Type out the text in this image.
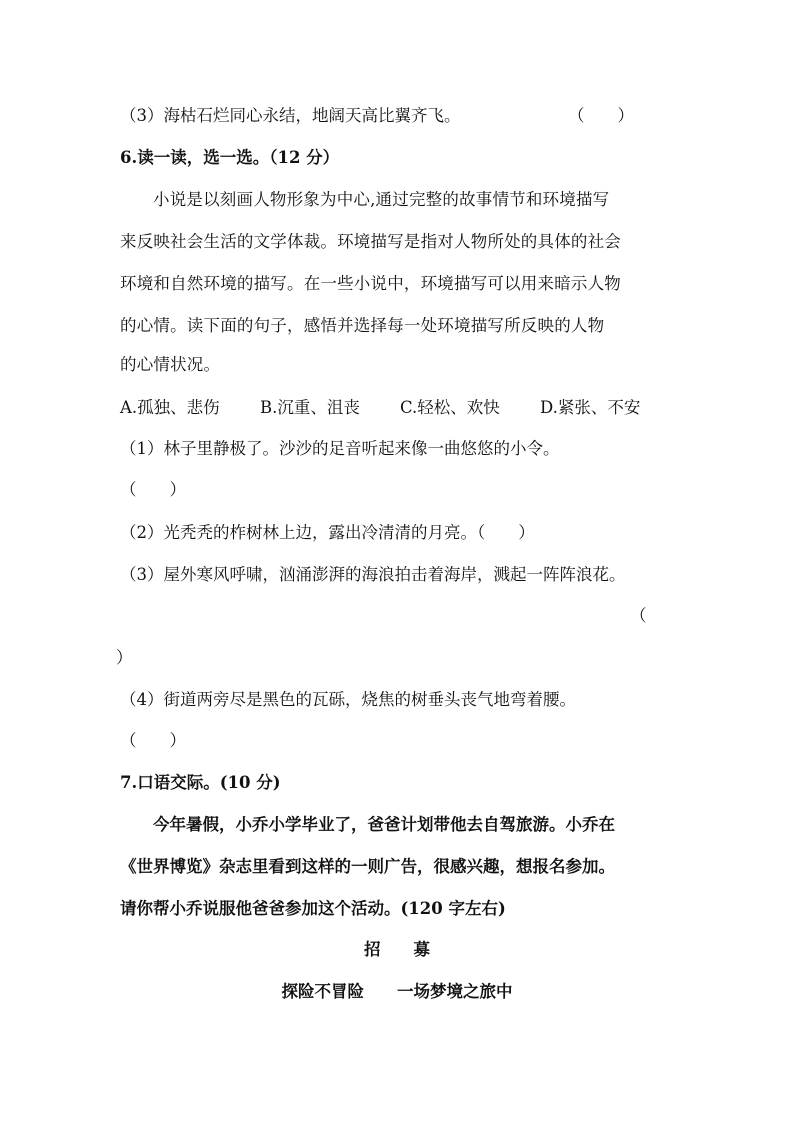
（3）海枯石烂同心永结，地阔天高比翼齐飞。	（　　）
6.读一读，选一选。（12 分）
小说是以刻画人物形象为中心,通过完整的故事情节和环境描写
来反映社会生活的文学体裁。环境描写是指对人物所处的具体的社会
环境和自然环境的描写。在一些小说中，环境描写可以用来暗示人物
的心情。读下面的句子，感悟并选择每一处环境描写所反映的人物
的心情状况。
A.孤独、悲伤 B.沉重、沮丧 C.轻松、欢快 D.紧张、不安
（1）林子里静极了。沙沙的足音听起来像一曲悠悠的小令。
（　　）
（2）光秃秃的柞树林上边，露出冷清清的月亮。（　　）
（3）屋外寒风呼啸，汹涌澎湃的海浪拍击着海岸，溅起一阵阵浪花。
（
）
（4）街道两旁尽是黑色的瓦砾，烧焦的树垂头丧气地弯着腰。
（　　）
7.口语交际。(10 分)
今年暑假，小乔小学毕业了，爸爸计划带他去自驾旅游。小乔在
《世界博览》杂志里看到这样的一则广告，很感兴趣，想报名参加。
请你帮小乔说服他爸爸参加这个活动。(120 字左右)
招　　募
探险不冒险　　一场梦境之旅中
